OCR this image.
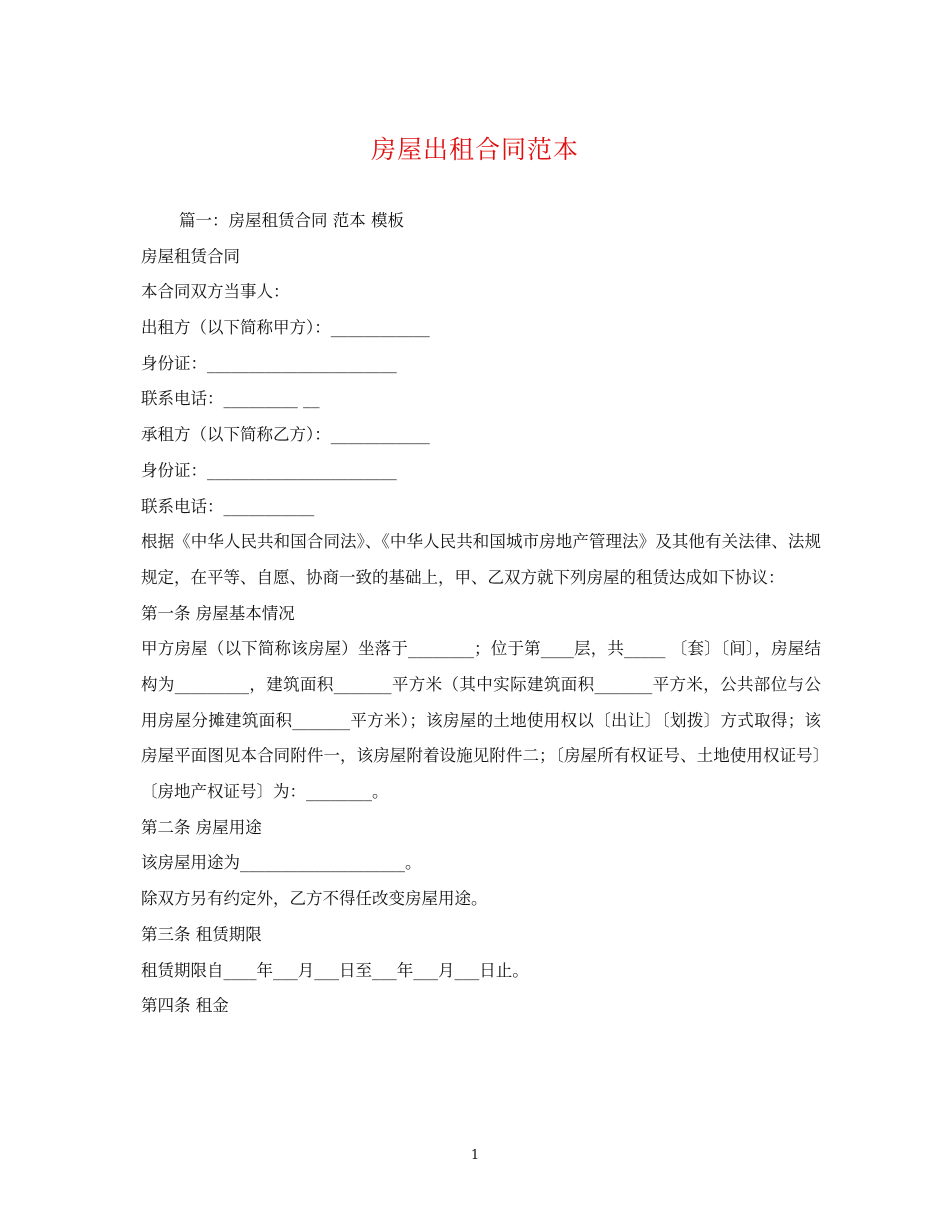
房屋出租合同范本
篇一：房屋租赁合同 范本 模板
房屋租赁合同
本合同双方当事人：
出租方（以下简称甲方）：____________
身份证：_______________________
联系电话：_________ __
承租方（以下简称乙方）：____________
身份证：_______________________
联系电话：___________
根据《中华人民共和国合同法》、《中华人民共和国城市房地产管理法》及其他有关法律、法规规定，在平等、自愿、协商一致的基础上，甲、乙双方就下列房屋的租赁达成如下协议：
第一条 房屋基本情况
甲方房屋（以下简称该房屋）坐落于________；位于第____层，共_____ 〔套〕〔间〕，房屋结构为_________，建筑面积_______平方米（其中实际建筑面积_______平方米，公共部位与公用房屋分摊建筑面积_______平方米）；该房屋的土地使用权以〔出让〕〔划拨〕方式取得；该房屋平面图见本合同附件一，该房屋附着设施见附件二；〔房屋所有权证号、土地使用权证号〕〔房地产权证号〕为：________。
第二条 房屋用途
该房屋用途为____________________。
除双方另有约定外，乙方不得任改变房屋用途。
第三条 租赁期限
租赁期限自____年___月___日至___年___月___日止。
第四条 租金
1
